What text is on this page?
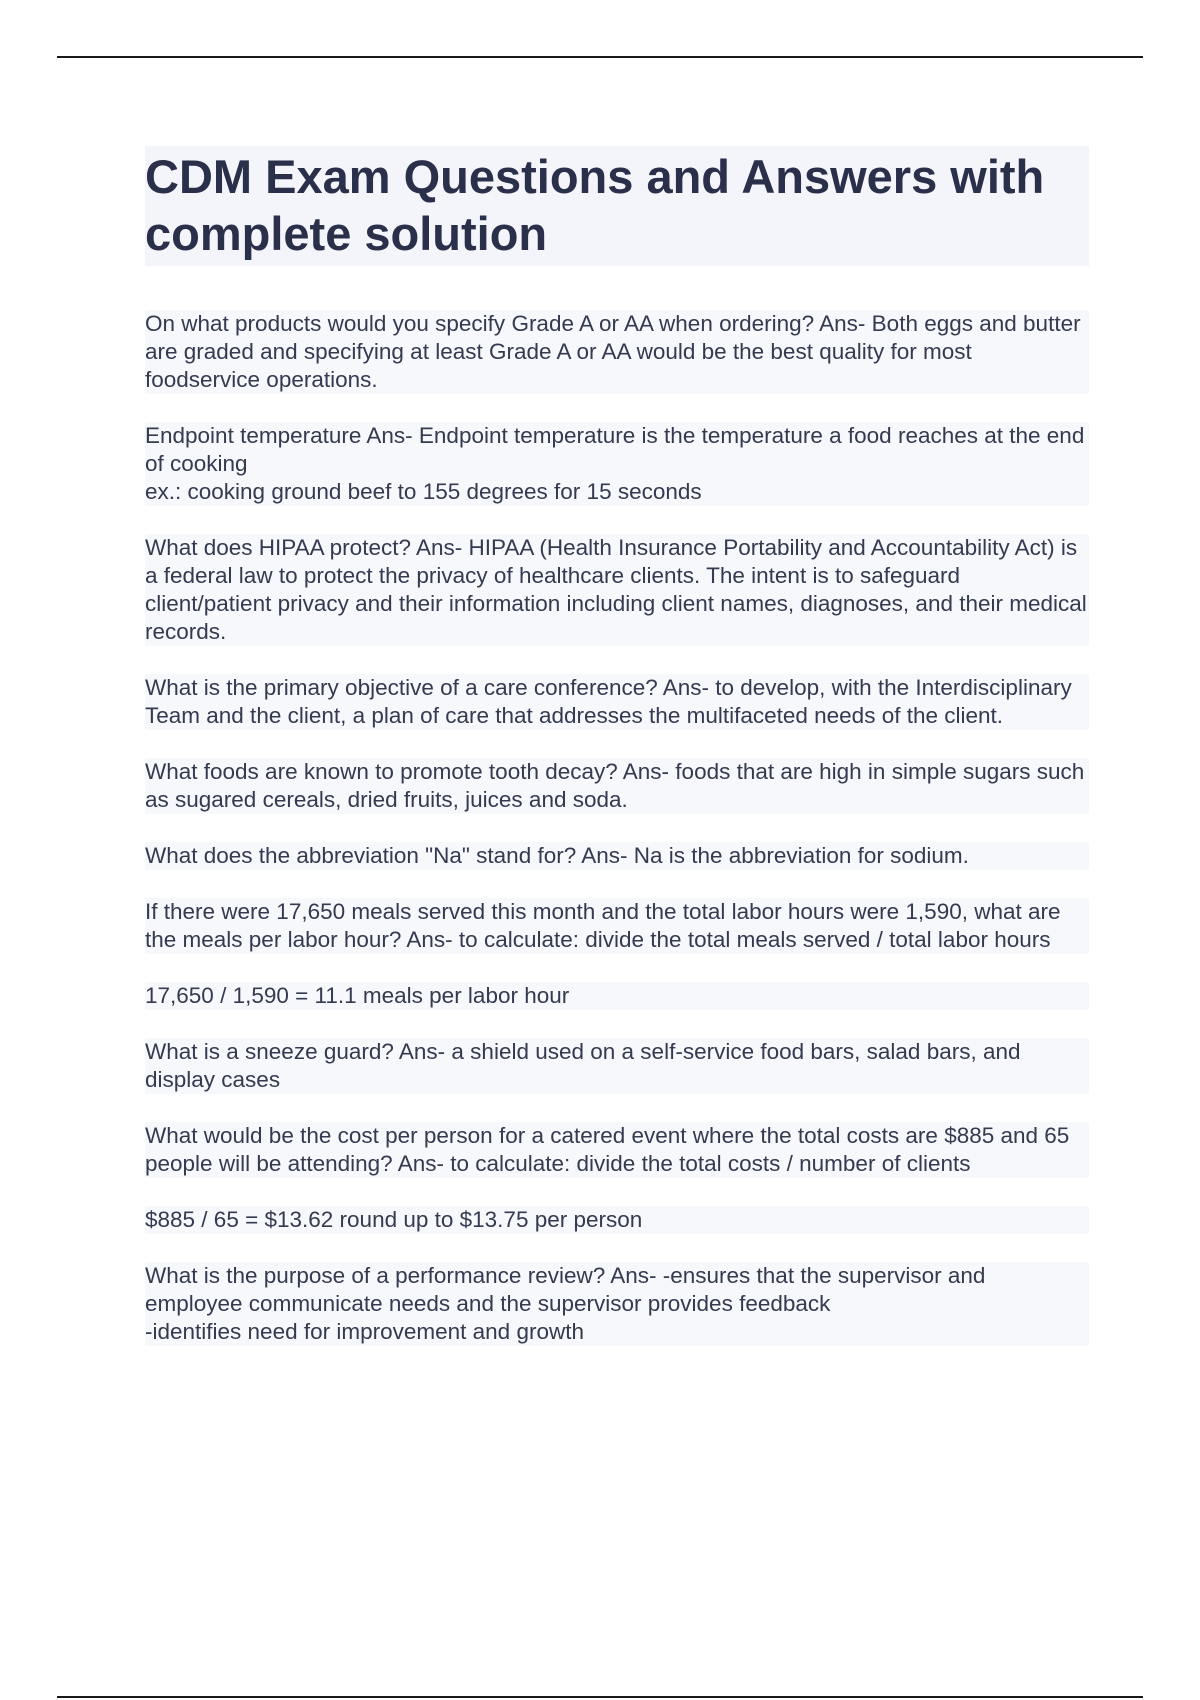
CDM Exam Questions and Answers with complete solution

On what products would you specify Grade A or AA when ordering? Ans- Both eggs and butter are graded and specifying at least Grade A or AA would be the best quality for most foodservice operations.

Endpoint temperature Ans- Endpoint temperature is the temperature a food reaches at the end of cooking
ex.: cooking ground beef to 155 degrees for 15 seconds

What does HIPAA protect? Ans- HIPAA (Health Insurance Portability and Accountability Act) is a federal law to protect the privacy of healthcare clients. The intent is to safeguard client/patient privacy and their information including client names, diagnoses, and their medical records.

What is the primary objective of a care conference? Ans- to develop, with the Interdisciplinary Team and the client, a plan of care that addresses the multifaceted needs of the client.

What foods are known to promote tooth decay? Ans- foods that are high in simple sugars such as sugared cereals, dried fruits, juices and soda.

What does the abbreviation "Na" stand for? Ans- Na is the abbreviation for sodium.

If there were 17,650 meals served this month and the total labor hours were 1,590, what are the meals per labor hour? Ans- to calculate: divide the total meals served / total labor hours

17,650 / 1,590 = 11.1 meals per labor hour

What is a sneeze guard? Ans- a shield used on a self-service food bars, salad bars, and display cases

What would be the cost per person for a catered event where the total costs are $885 and 65 people will be attending? Ans- to calculate: divide the total costs / number of clients

$885 / 65 = $13.62 round up to $13.75 per person

What is the purpose of a performance review? Ans- -ensures that the supervisor and employee communicate needs and the supervisor provides feedback
-identifies need for improvement and growth
